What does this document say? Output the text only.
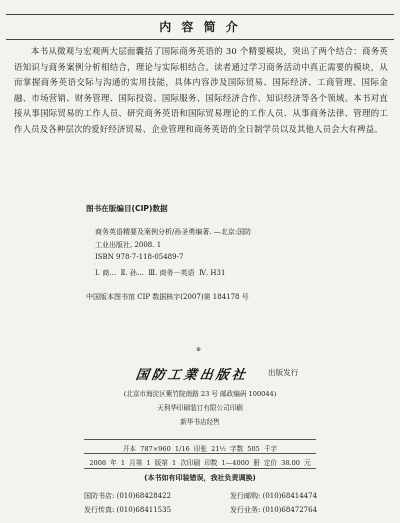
内 容 简 介
本书从微观与宏观两大层面囊括了国际商务英语的 30 个精要模块，突出了两个结合：商务英语知识与商务案例分析相结合，理论与实际相结合。读者通过学习商务活动中真正需要的模块，从而掌握商务英语交际与沟通的实用技能，具体内容涉及国际贸易、国际经济、工商管理、国际金融、市场营销、财务管理、国际投资、国际服务、国际经济合作、知识经济等各个领域。本书对直接从事国际贸易的工作人员、研究商务英语和国际贸易理论的工作人员、从事商务法律、管理的工作人员及各种层次的爱好经济贸易、企业管理和商务英语的全日制学员以及其他人员会大有裨益。
图书在版编目(CIP)数据
商务英语精要及案例分析/孙圣勇编著. —北京:国防
工业出版社, 2008. 1
ISBN 978-7-118-05489-7
Ⅰ. 商…  Ⅱ. 孙…  Ⅲ. 商务－英语  Ⅳ. H31
中国版本图书馆 CIP 数据核字(2007)第 184178 号
※
国防工業出版社	出版发行
(北京市海淀区紫竹院南路 23 号 邮政编码 100044)
天利华印刷装订有限公司印刷
新华书店经售
开本 787×960 1/16 印张 21½ 字数 505 千字
2008 年 1 月第 1 版第 1 次印刷 印数 1—4000 册 定价 38.00 元
(本书如有印装错误，我社负责调换)
国防书店: (010)68428422	发行邮购: (010)68414474
发行传真: (010)68411535	发行业务: (010)68472764
